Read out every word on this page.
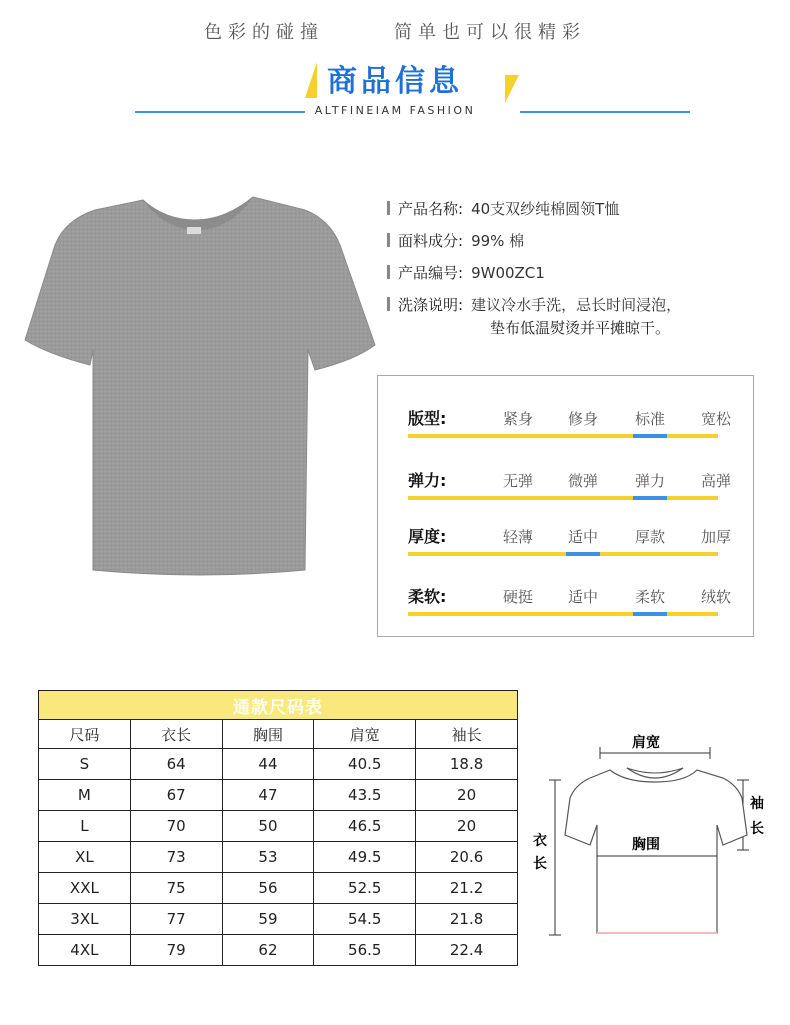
色彩的碰撞	简单也可以很精彩
商品信息
ALTFINEIAM FASHION
产品名称: 40支双纱纯棉圆领T恤
面料成分: 99% 棉
产品编号: 9W00ZC1
洗涤说明: 建议冷水手洗，忌长时间浸泡，
垫布低温熨烫并平摊晾干。
版型:	紧身	修身	标准	宽松
弹力:	无弹	微弹	弹力	高弹
厚度:	轻薄	适中	厚款	加厚
柔软:	硬挺	适中	柔软	绒软
通款尺码表				
尺码	衣长	胸围	肩宽	袖长
S	64	44	40.5	18.8
M	67	47	43.5	20
L	70	50	46.5	20
XL	73	53	49.5	20.6
XXL	75	56	52.5	21.2
3XL	77	59	54.5	21.8
4XL	79	62	56.5	22.4
肩宽
衣
长
袖
长
胸围
